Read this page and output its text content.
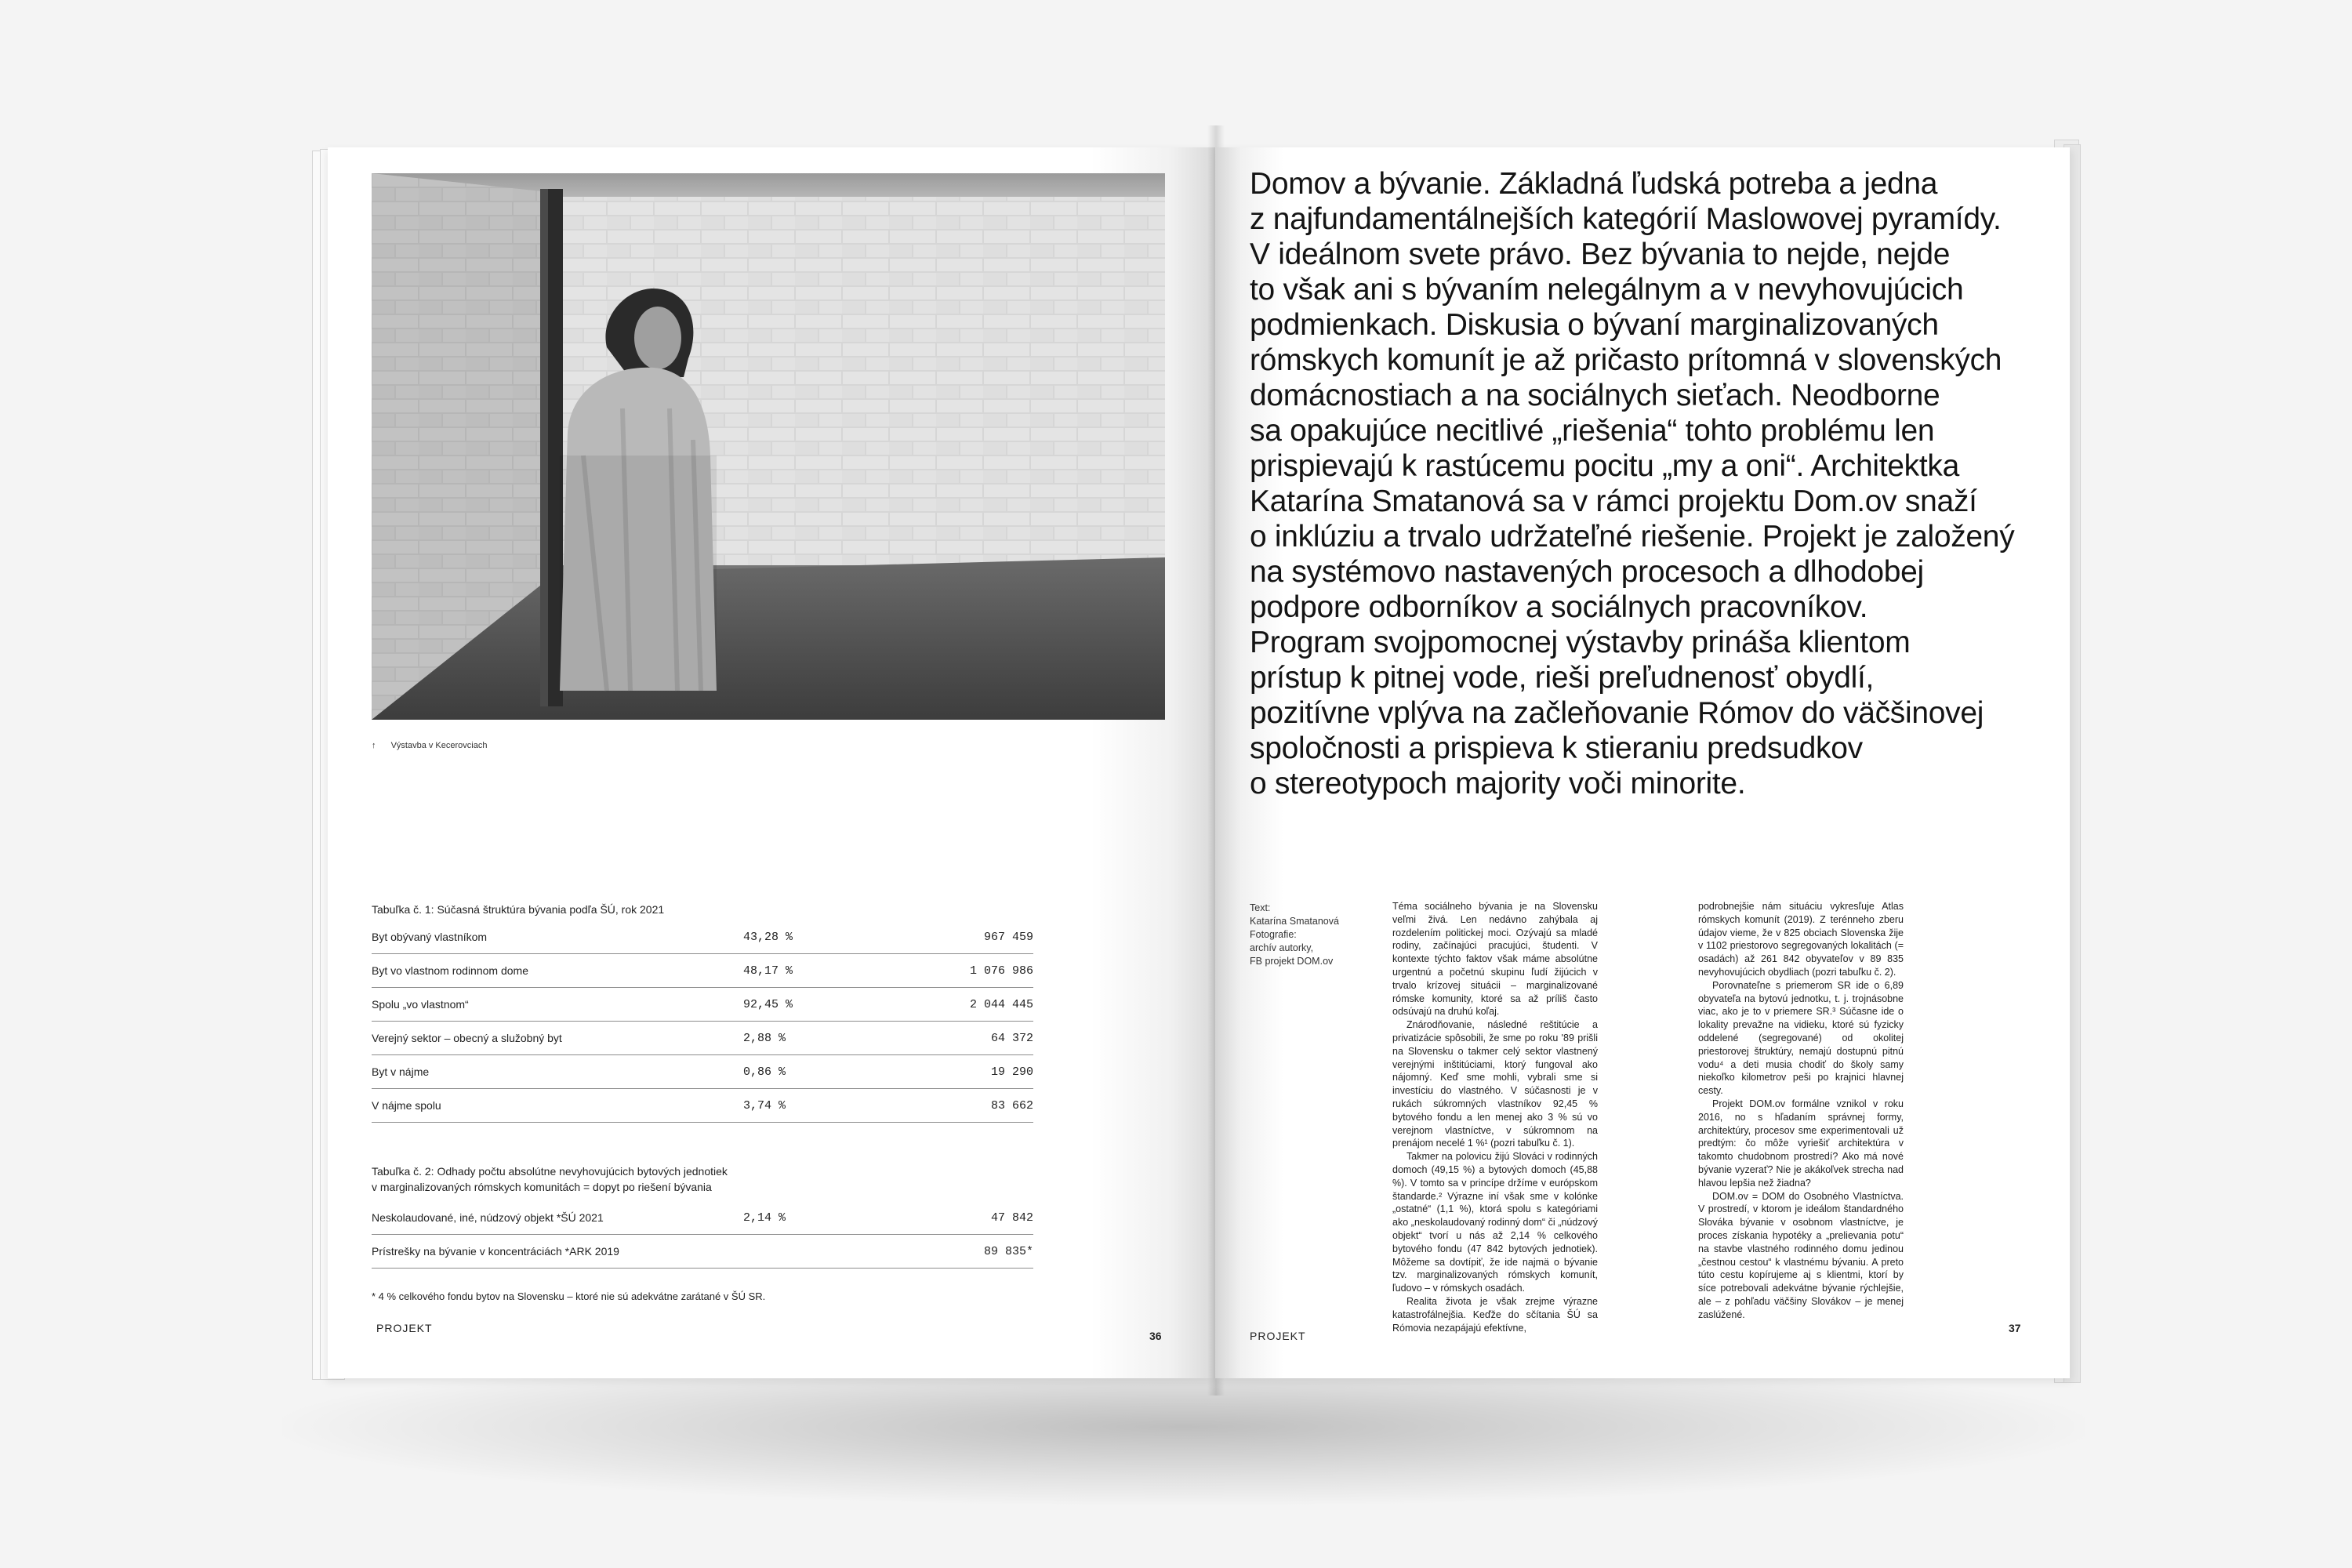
↑ Výstavba v Kecerovciach
Tabuľka č. 1: Súčasná štruktúra bývania podľa ŠÚ, rok 2021
Byt obývaný vlastníkom	43,28 %	967 459
Byt vo vlastnom rodinnom dome	48,17 %	1 076 986
Spolu „vo vlastnom“	92,45 %	2 044 445
Verejný sektor – obecný a služobný byt	2,88 %	64 372
Byt v nájme	0,86 %	19 290
V nájme spolu	3,74 %	83 662
Tabuľka č. 2: Odhady počtu absolútne nevyhovujúcich bytových jednotiek
v marginalizovaných rómskych komunitách = dopyt po riešení bývania
Neskolaudované, iné, núdzový objekt *ŠÚ 2021	2,14 %	47 842
Prístrešky na bývanie v koncentráciách *ARK 2019		89 835*
* 4 % celkového fondu bytov na Slovensku – ktoré nie sú adekvátne zarátané v ŠÚ SR.
PROJEKT
36
Domov a bývanie. Základná ľudská potreba a jedna
z najfundamentálnejších kategórií Maslowovej pyramídy.
V ideálnom svete právo. Bez bývania to nejde, nejde
to však ani s bývaním nelegálnym a v nevyhovujúcich
podmienkach. Diskusia o bývaní marginalizovaných
rómskych komunít je až pričasto prítomná v slovenských
domácnostiach a na sociálnych sieťach. Neodborne
sa opakujúce necitlivé „riešenia“ tohto problému len
prispievajú k rastúcemu pocitu „my a oni“. Architektka
Katarína Smatanová sa v rámci projektu Dom.ov snaží
o inklúziu a trvalo udržateľné riešenie. Projekt je založený
na systémovo nastavených procesoch a dlhodobej
podpore odborníkov a sociálnych pracovníkov.
Program svojpomocnej výstavby prináša klientom
prístup k pitnej vode, rieši preľudnenosť obydlí,
pozitívne vplýva na začleňovanie Rómov do väčšinovej
spoločnosti a prispieva k stieraniu predsudkov
o stereotypoch majority voči minorite.
Text:
Katarína Smatanová
Fotografie:
archív autorky,
FB projekt DOM.ov

Téma sociálneho bývania je na Slovensku veľmi živá. Len nedávno zahýbala aj rozdelením politickej moci. Ozývajú sa mladé rodiny, začínajúci pracujúci, študenti. V kontexte týchto faktov však máme absolútne urgentnú a početnú skupinu ľudí žijúcich v trvalo krízovej situácii – marginalizované rómske komunity, ktoré sa až príliš často odsúvajú na druhú koľaj.

Znárodňovanie, následné reštitúcie a privatizácie spôsobili, že sme po roku '89 prišli na Slovensku o takmer celý sektor vlastnený verejnými inštitúciami, ktorý fungoval ako nájomný. Keď sme mohli, vybrali sme si investíciu do vlastného. V súčasnosti je v rukách súkromných vlastníkov 92,45 % bytového fondu a len menej ako 3 % sú vo verejnom vlastníctve, v súkromnom na prenájom necelé 1 %¹ (pozri tabuľku č. 1).

Takmer na polovicu žijú Slováci v rodinných domoch (49,15 %) a bytových domoch (45,88 %). V tomto sa v princípe držíme v európskom štandarde.² Výrazne iní však sme v kolónke „ostatné“ (1,1 %), ktorá spolu s kategóriami ako „neskolaudovaný rodinný dom“ či „núdzový objekt“ tvorí u nás až 2,14 % celkového bytového fondu (47 842 bytových jednotiek). Môžeme sa dovtípiť, že ide najmä o bývanie tzv. marginalizovaných rómskych komunít, ľudovo – v rómskych osadách.

Realita života je však zrejme výrazne katastrofálnejšia. Keďže do sčítania ŠÚ sa Rómovia nezapájajú efektívne,

podrobnejšie nám situáciu vykresľuje Atlas rómskych komunít (2019). Z terénneho zberu údajov vieme, že v 825 obciach Slovenska žije v 1102 priestorovo segregovaných lokalitách (= osadách) až 261 842 obyvateľov v 89 835 nevyhovujúcich obydliach (pozri tabuľku č. 2).

Porovnateľne s priemerom SR ide o 6,89 obyvateľa na bytovú jednotku, t. j. trojnásobne viac, ako je to v priemere SR.³ Súčasne ide o lokality prevažne na vidieku, ktoré sú fyzicky oddelené (segregované) od okolitej priestorovej štruktúry, nemajú dostupnú pitnú vodu⁴ a deti musia chodiť do školy samy niekoľko kilometrov peši po krajnici hlavnej cesty.

Projekt DOM.ov formálne vznikol v roku 2016, no s hľadaním správnej formy, architektúry, procesov sme experimentovali už predtým: čo môže vyriešiť architektúra v takomto chudobnom prostredí? Ako má nové bývanie vyzerať? Nie je akákoľvek strecha nad hlavou lepšia než žiadna?

DOM.ov = DOM do Osobného Vlastníctva. V prostredí, v ktorom je ideálom štandardného Slováka bývanie v osobnom vlastníctve, je proces získania hypotéky a „prelievania potu“ na stavbe vlastného rodinného domu jedinou „čestnou cestou“ k vlastnému bývaniu. A preto túto cestu kopírujeme aj s klientmi, ktorí by síce potrebovali adekvátne bývanie rýchlejšie, ale – z pohľadu väčšiny Slovákov – je menej zaslúžené.

PROJEKT
37
